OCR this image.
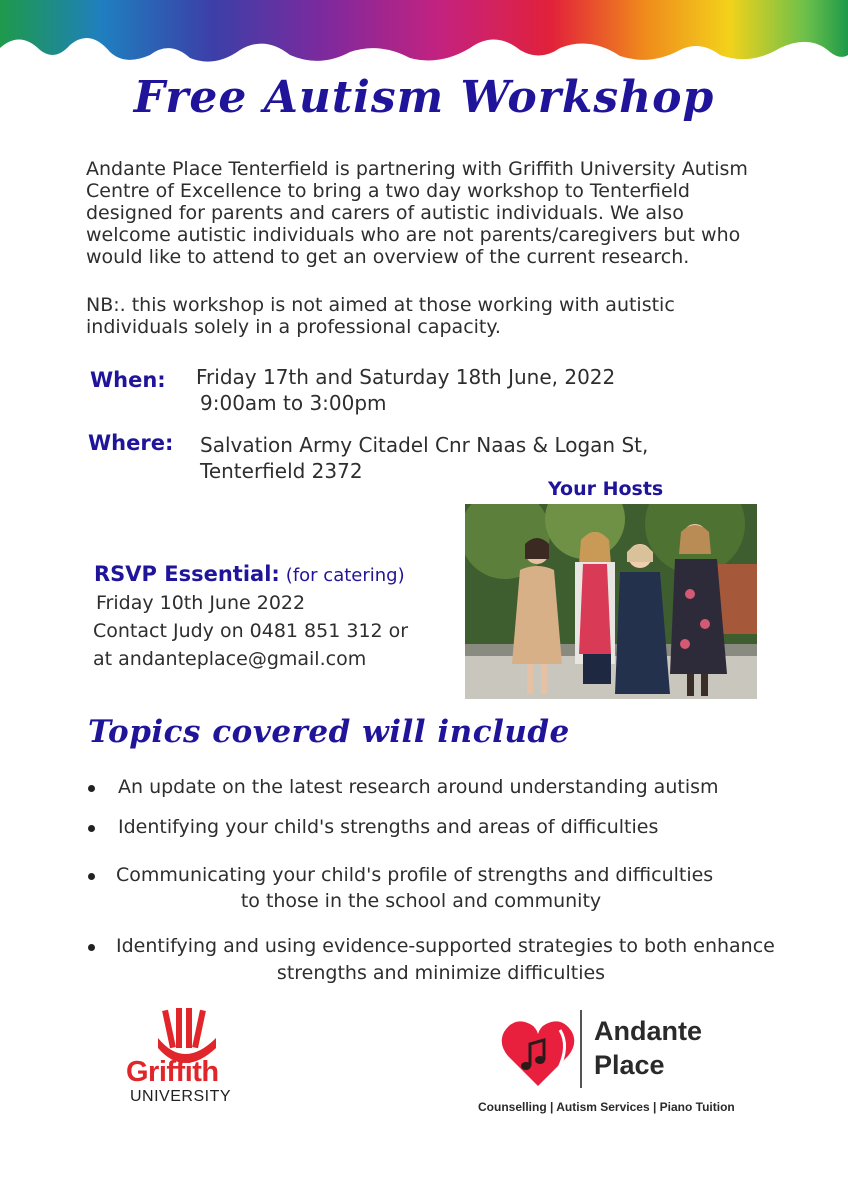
Free Autism Workshop
Andante Place Tenterfield is partnering with Griffith University Autism
Centre of Excellence to bring a two day workshop to Tenterfield
designed for parents and carers of autistic individuals. We also
welcome autistic individuals who are not parents/caregivers but who
would like to attend to get an overview of the current research.
NB:. this workshop is not aimed at those working with autistic
individuals solely in a professional capacity.
When: Friday 17th and Saturday 18th June, 2022
9:00am to 3:00pm
Where: Salvation Army Citadel Cnr Naas & Logan St,
Tenterfield 2372
Your Hosts
RSVP Essential: (for catering)
Friday 10th June 2022
Contact Judy on 0481 851 312 or
at andanteplace@gmail.com
Topics covered will include
An update on the latest research around understanding autism
Identifying your child's strengths and areas of difficulties
Communicating your child's profile of strengths and difficulties
to those in the school and community
Identifying and using evidence-supported strategies to both enhance
strengths and minimize difficulties
Griffith
UNIVERSITY
Andante
Place
Counselling | Autism Services | Piano Tuition
